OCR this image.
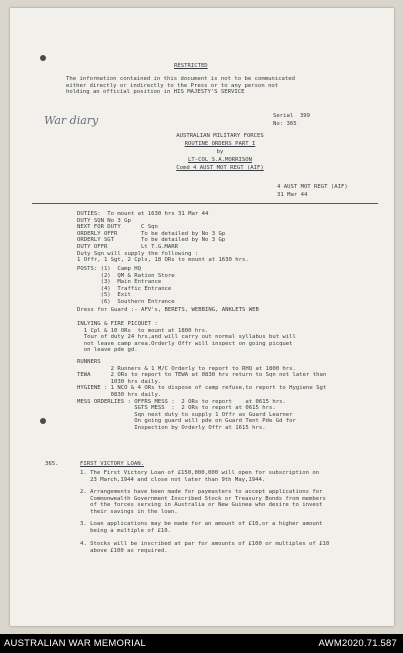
RESTRICTED
The information contained in this document is not to be communicated
either directly or indirectly to the Press or to any person not
holding an official position in HIS MAJESTY'S SERVICE
War diary	Serial  399
No: 365
AUSTRALIAN MILITARY FORCES
ROUTINE ORDERS PART I
by
LT-COL S.A.MORRISON
Comd 4 AUST MOT REGT (AIF)
4 AUST MOT REGT (AIF)
31 Mar 44
DUTIES:  To mount at 1630 hrs 31 Mar 44
DUTY SQN No 3 Gp
NEXT FOR DUTY      C Sqn
ORDERLY OFFR       To be detailed by No 3 Gp
ORDERLY SGT        To be detailed by No 3 Gp
DUTY OFFR          Lt T.G.MARR
Duty Sqn will supply the following :
1 Offr, 1 Sgt, 2 Cpls, 18 ORs to mount at 1630 hrs.
POSTS: (1)  Camp HQ
(2)  QM & Ration Store
(3)  Main Entrance
(4)  Traffic Entrance
(5)  Exit
(6)  Southern Entrance
Dress for Guard :- AFV's, BERETS, WEBBING, ANKLETS WEB
INLYING & FIRE PICQUET :
1 Cpl & 10 ORs  to mount at 1800 hrs.
Tour of duty 24 hrs,and will carry out normal syllabus but will
not leave camp area.Orderly Offr will inspect on going picquet
on leave pde gd.
RUNNERS
2 Runners & 1 M/C Orderly to report to RHQ at 1800 hrs.
TEWA      2 ORs to report to TEWA at 0830 hrs return to Sqn not later than
1030 hrs daily.
HYGIENE : 1 NCO & 4 ORs to dispose of camp refuse,to report to Hygiene Sgt
0830 hrs daily.
MESS ORDERLIES : OFFRS MESS :  2 ORs to report    at 0615 hrs.
SGTS MESS  :  2 ORs to report at 0615 hrs.
Sqn next duty to supply 1 Offr as Guard Learner
On going guard will pde on Guard Tent Pde Gd for
Inspection by Orderly Offr at 1615 hrs.
365.	FIRST VICTORY LOAN.
1. The First Victory Loan of £150,000,000 will open for subscription on
23 March,1944 and close not later than 9th May,1944.
2. Arrangements have been made for paymasters to accept applications for
Commonwealth Government Inscribed Stock or Treasury Bonds from members
of the forces serving in Australia or New Guinea who desire to invest
their savings in the loan.
3. Loan applications may be made for an amount of £10,or a higher amount
being a multiple of £10.
4. Stocks will be inscribed at par for amounts of £100 or multiples of £10
above £100 as required.
AUSTRALIAN WAR MEMORIAL	AWM2020.71.587
